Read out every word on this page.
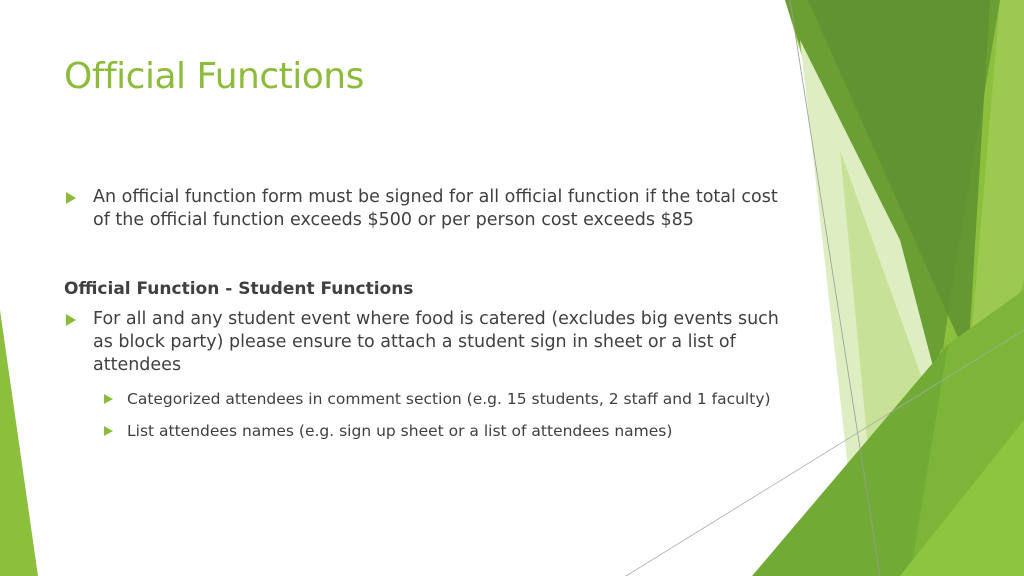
Official Functions
An official function form must be signed for all official function if the total cost of the official function exceeds $500 or per person cost exceeds $85
Official Function - Student Functions
For all and any student event where food is catered (excludes big events such as block party) please ensure to attach a student sign in sheet or a list of attendees
Categorized attendees in comment section (e.g. 15 students, 2 staff and 1 faculty)
List attendees names (e.g. sign up sheet or a list of attendees names)
